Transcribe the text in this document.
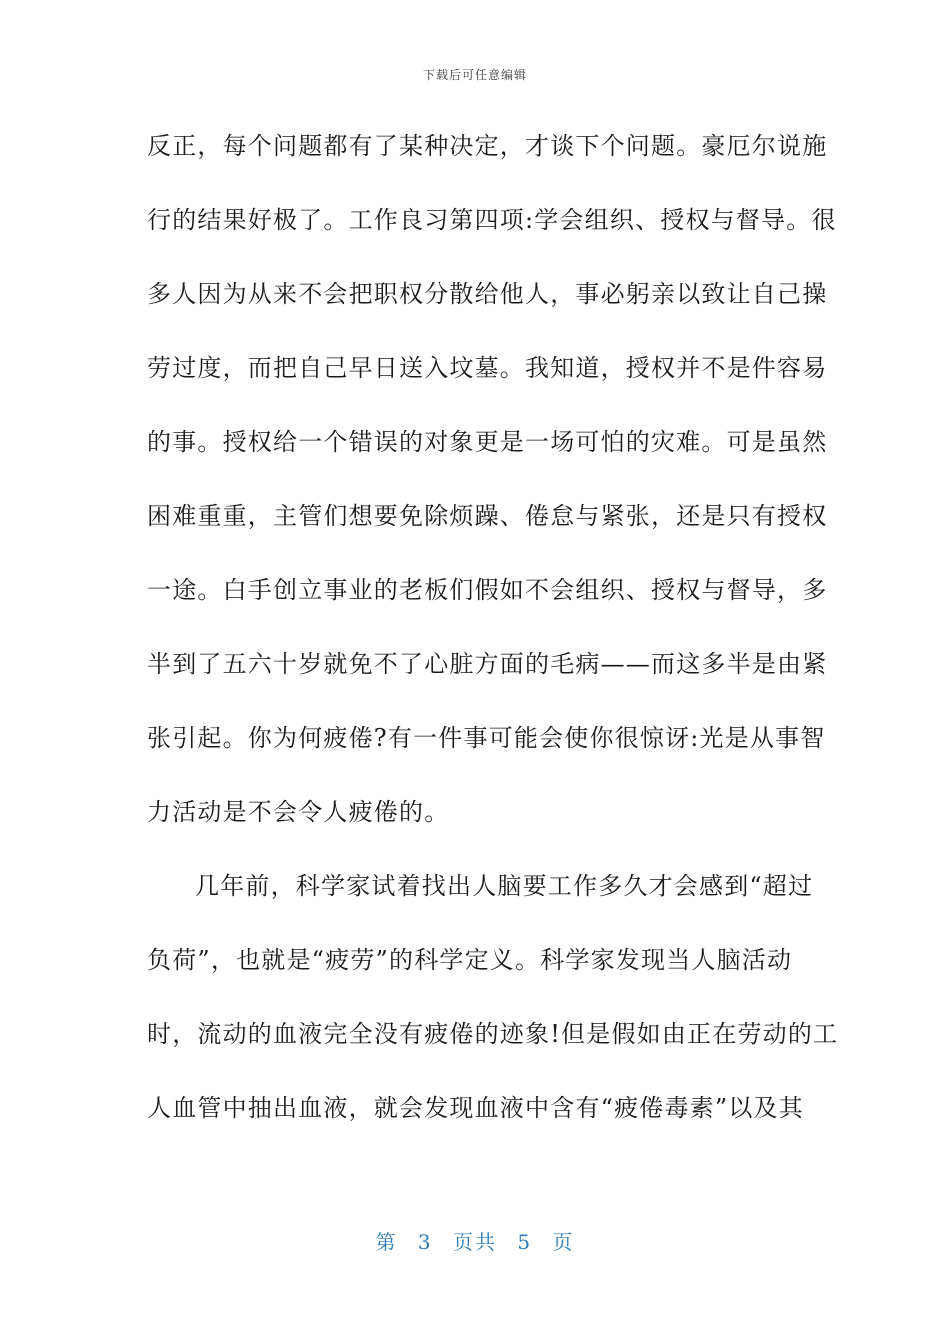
下载后可任意编辑
反正，每个问题都有了某种决定，才谈下个问题。豪厄尔说施
行的结果好极了。工作良习第四项:学会组织、授权与督导。很
多人因为从来不会把职权分散给他人，事必躬亲以致让自己操
劳过度，而把自己早日送入坟墓。我知道，授权并不是件容易
的事。授权给一个错误的对象更是一场可怕的灾难。可是虽然
困难重重，主管们想要免除烦躁、倦怠与紧张，还是只有授权
一途。白手创立事业的老板们假如不会组织、授权与督导，多
半到了五六十岁就免不了心脏方面的毛病——而这多半是由紧
张引起。你为何疲倦?有一件事可能会使你很惊讶:光是从事智
力活动是不会令人疲倦的。
几年前，科学家试着找出人脑要工作多久才会感到“超过
负荷”，也就是“疲劳”的科学定义。科学家发现当人脑活动
时，流动的血液完全没有疲倦的迹象!但是假如由正在劳动的工
人血管中抽出血液，就会发现血液中含有“疲倦毒素”以及其
第 3 页共 5 页
